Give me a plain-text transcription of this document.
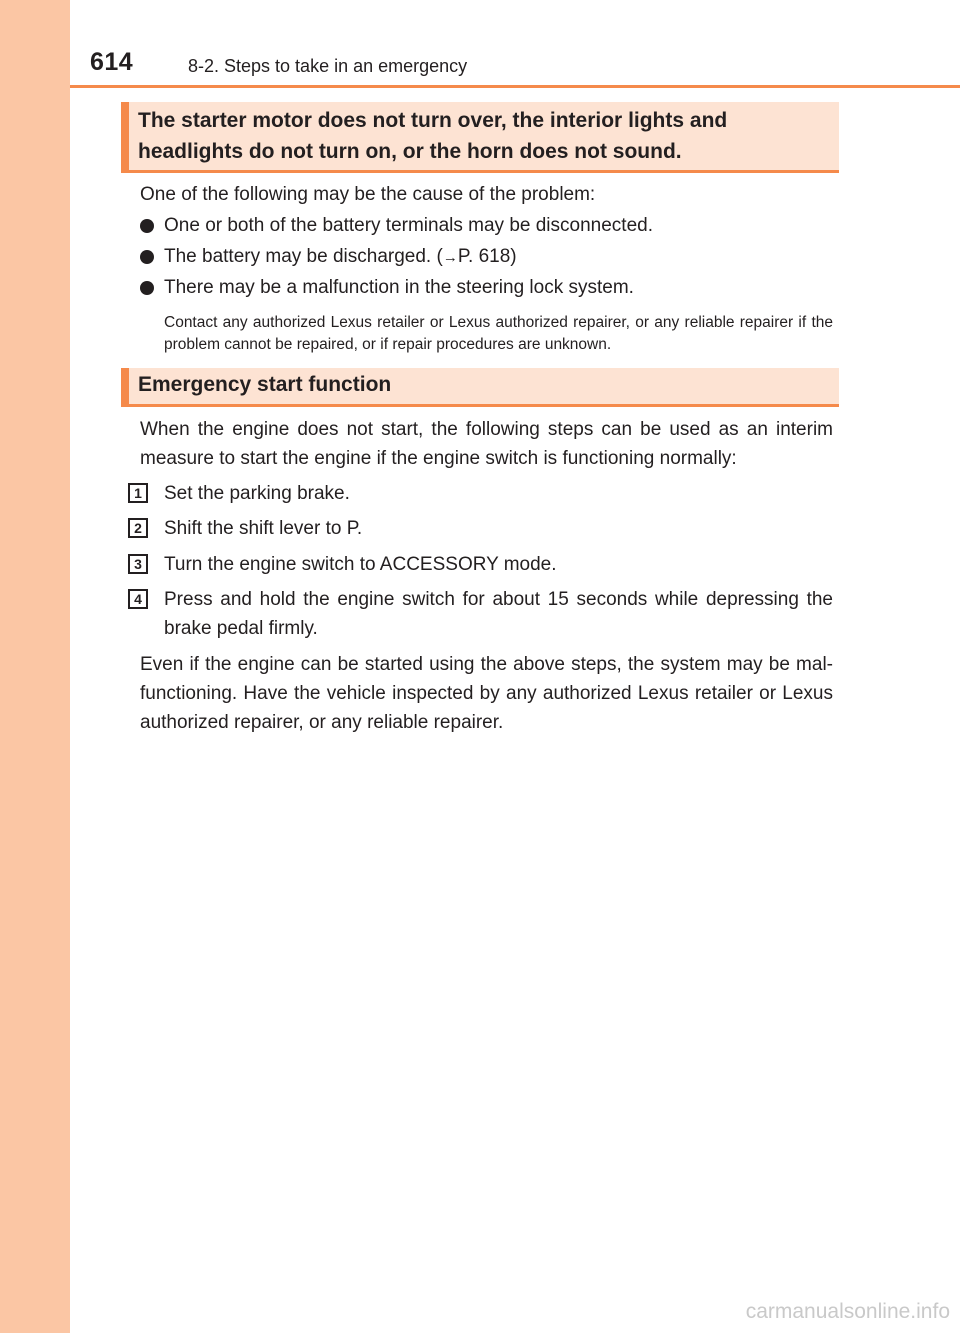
614	8-2. Steps to take in an emergency
The starter motor does not turn over, the interior lights and headlights do not turn on, or the horn does not sound.

One of the following may be the cause of the problem:

One or both of the battery terminals may be disconnected.
The battery may be discharged. (→P. 618)
There may be a malfunction in the steering lock system.

Contact any authorized Lexus retailer or Lexus authorized repairer, or any reliable repairer if the problem cannot be repaired, or if repair procedures are unknown.

Emergency start function

When the engine does not start, the following steps can be used as an interim measure to start the engine if the engine switch is functioning normally:

1	Set the parking brake.
2	Shift the shift lever to P.
3	Turn the engine switch to ACCESSORY mode.
4	Press and hold the engine switch for about 15 seconds while depressing the brake pedal firmly.

Even if the engine can be started using the above steps, the system may be mal-functioning. Have the vehicle inspected by any authorized Lexus retailer or Lexus authorized repairer, or any reliable repairer.

carmanualsonline.info
